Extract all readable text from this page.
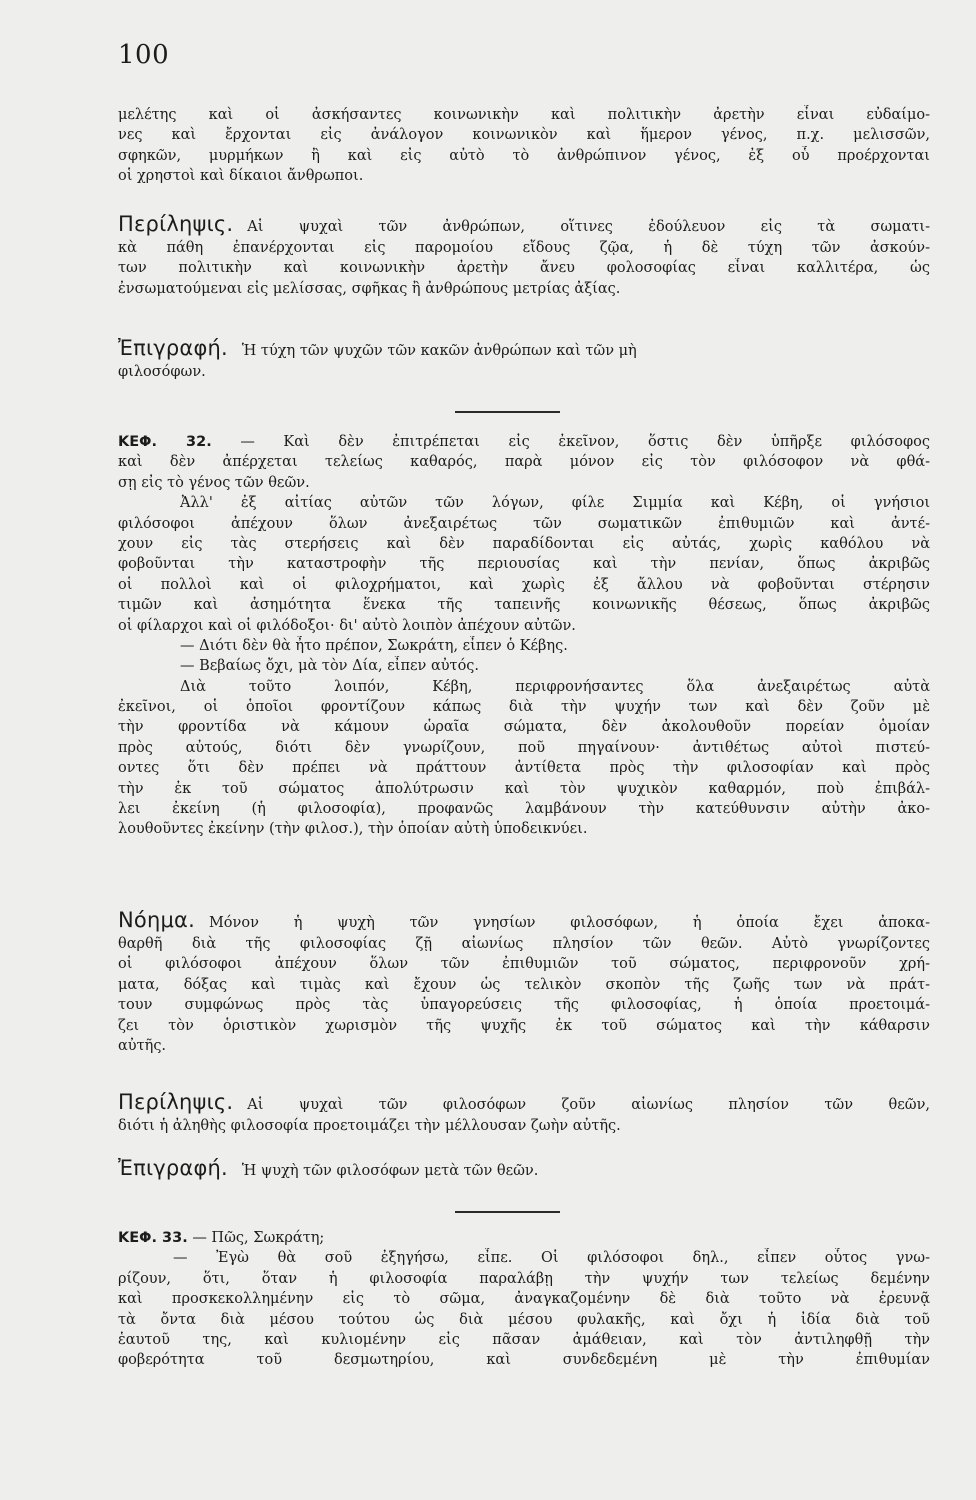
100
μελέτης καὶ οἱ ἀσκήσαντες κοινωνικὴν καὶ πολιτικὴν ἀρετὴν εἶναι εὐδαίμο-
νες καὶ ἔρχονται εἰς ἀνάλογον κοινωνικὸν καὶ ἥμερον γένος, π.χ. μελισσῶν,
σφηκῶν, μυρμήκων ἢ καὶ εἰς αὐτὸ τὸ ἀνθρώπινον γένος, ἐξ οὗ προέρχονται
οἱ χρηστοὶ καὶ δίκαιοι ἄνθρωποι.
Περίληψις. Αἱ ψυχαὶ τῶν ἀνθρώπων, οἵτινες ἐδούλευον εἰς τὰ σωματι-
κὰ πάθη ἐπανέρχονται εἰς παρομοίου εἴδους ζῷα, ἡ δὲ τύχη τῶν ἀσκούν-
των πολιτικὴν καὶ κοινωνικὴν ἀρετὴν ἄνευ φολοσοφίας εἶναι καλλιτέρα, ὡς
ἐνσωματούμεναι εἰς μελίσσας, σφῆκας ἢ ἀνθρώπους μετρίας ἀξίας.
Ἐπιγραφή. Ἡ τύχη τῶν ψυχῶν τῶν κακῶν ἀνθρώπων καὶ τῶν μὴ
φιλοσόφων.
ΚΕΦ. 32. — Καὶ δὲν ἐπιτρέπεται εἰς ἐκεῖνον, ὅστις δὲν ὑπῆρξε φιλόσοφος
καὶ δὲν ἀπέρχεται τελείως καθαρός, παρὰ μόνον εἰς τὸν φιλόσοφον νὰ φθά-
σῃ εἰς τὸ γένος τῶν θεῶν.
Ἀλλ' ἐξ αἰτίας αὐτῶν τῶν λόγων, φίλε Σιμμία καὶ Κέβη, οἱ γνήσιοι
φιλόσοφοι ἀπέχουν ὅλων ἀνεξαιρέτως τῶν σωματικῶν ἐπιθυμιῶν καὶ ἀντέ-
χουν εἰς τὰς στερήσεις καὶ δὲν παραδίδονται εἰς αὐτάς, χωρὶς καθόλου νὰ
φοβοῦνται τὴν καταστροφὴν τῆς περιουσίας καὶ τὴν πενίαν, ὅπως ἀκριβῶς
οἱ πολλοὶ καὶ οἱ φιλοχρήματοι, καὶ χωρὶς ἐξ ἄλλου νὰ φοβοῦνται στέρησιν
τιμῶν καὶ ἀσημότητα ἕνεκα τῆς ταπεινῆς κοινωνικῆς θέσεως, ὅπως ἀκριβῶς
οἱ φίλαρχοι καὶ οἱ φιλόδοξοι· δι' αὐτὸ λοιπὸν ἀπέχουν αὐτῶν.
— Διότι δὲν θὰ ἦτο πρέπον, Σωκράτη, εἶπεν ὁ Κέβης.
— Βεβαίως ὄχι, μὰ τὸν Δία, εἶπεν αὐτός.
Διὰ τοῦτο λοιπόν, Κέβη, περιφρονήσαντες ὅλα ἀνεξαιρέτως αὐτὰ
ἐκεῖνοι, οἱ ὁποῖοι φροντίζουν κάπως διὰ τὴν ψυχήν των καὶ δὲν ζοῦν μὲ
τὴν φροντίδα νὰ κάμουν ὡραῖα σώματα, δὲν ἀκολουθοῦν πορείαν ὁμοίαν
πρὸς αὐτούς, διότι δὲν γνωρίζουν, ποῦ πηγαίνουν· ἀντιθέτως αὐτοὶ πιστεύ-
οντες ὅτι δὲν πρέπει νὰ πράττουν ἀντίθετα πρὸς τὴν φιλοσοφίαν καὶ πρὸς
τὴν ἐκ τοῦ σώματος ἀπολύτρωσιν καὶ τὸν ψυχικὸν καθαρμόν, ποὺ ἐπιβάλ-
λει ἐκείνη (ἡ φιλοσοφία), προφανῶς λαμβάνουν τὴν κατεύθυνσιν αὐτὴν ἀκο-
λουθοῦντες ἐκείνην (τὴν φιλοσ.), τὴν ὁποίαν αὐτὴ ὑποδεικνύει.
Νόημα. Μόνον ἡ ψυχὴ τῶν γνησίων φιλοσόφων, ἡ ὁποία ἔχει ἀποκα-
θαρθῆ διὰ τῆς φιλοσοφίας ζῇ αἰωνίως πλησίον τῶν θεῶν. Αὐτὸ γνωρίζοντες
οἱ φιλόσοφοι ἀπέχουν ὅλων τῶν ἐπιθυμιῶν τοῦ σώματος, περιφρονοῦν χρή-
ματα, δόξας καὶ τιμὰς καὶ ἔχουν ὡς τελικὸν σκοπὸν τῆς ζωῆς των νὰ πράτ-
τουν συμφώνως πρὸς τὰς ὑπαγορεύσεις τῆς φιλοσοφίας, ἡ ὁποία προετοιμά-
ζει τὸν ὁριστικὸν χωρισμὸν τῆς ψυχῆς ἐκ τοῦ σώματος καὶ τὴν κάθαρσιν
αὐτῆς.
Περίληψις. Αἱ ψυχαὶ τῶν φιλοσόφων ζοῦν αἰωνίως πλησίον τῶν θεῶν,
διότι ἡ ἀληθὴς φιλοσοφία προετοιμάζει τὴν μέλλουσαν ζωὴν αὐτῆς.
Ἐπιγραφή. Ἡ ψυχὴ τῶν φιλοσόφων μετὰ τῶν θεῶν.
ΚΕΦ. 33. — Πῶς, Σωκράτη;
— Ἐγὼ θὰ σοῦ ἐξηγήσω, εἶπε. Οἱ φιλόσοφοι δηλ., εἶπεν οὗτος γνω-
ρίζουν, ὅτι, ὅταν ἡ φιλοσοφία παραλάβῃ τὴν ψυχήν των τελείως δεμένην
καὶ προσκεκολλημένην εἰς τὸ σῶμα, ἀναγκαζομένην δὲ διὰ τοῦτο νὰ ἐρευνᾷ
τὰ ὄντα διὰ μέσου τούτου ὡς διὰ μέσου φυλακῆς, καὶ ὄχι ἡ ἰδία διὰ τοῦ
ἑαυτοῦ της, καὶ κυλιομένην εἰς πᾶσαν ἀμάθειαν, καὶ τὸν ἀντιληφθῇ τὴν
φοβερότητα τοῦ δεσμωτηρίου, καὶ συνδεδεμένη μὲ τὴν ἐπιθυμίαν
